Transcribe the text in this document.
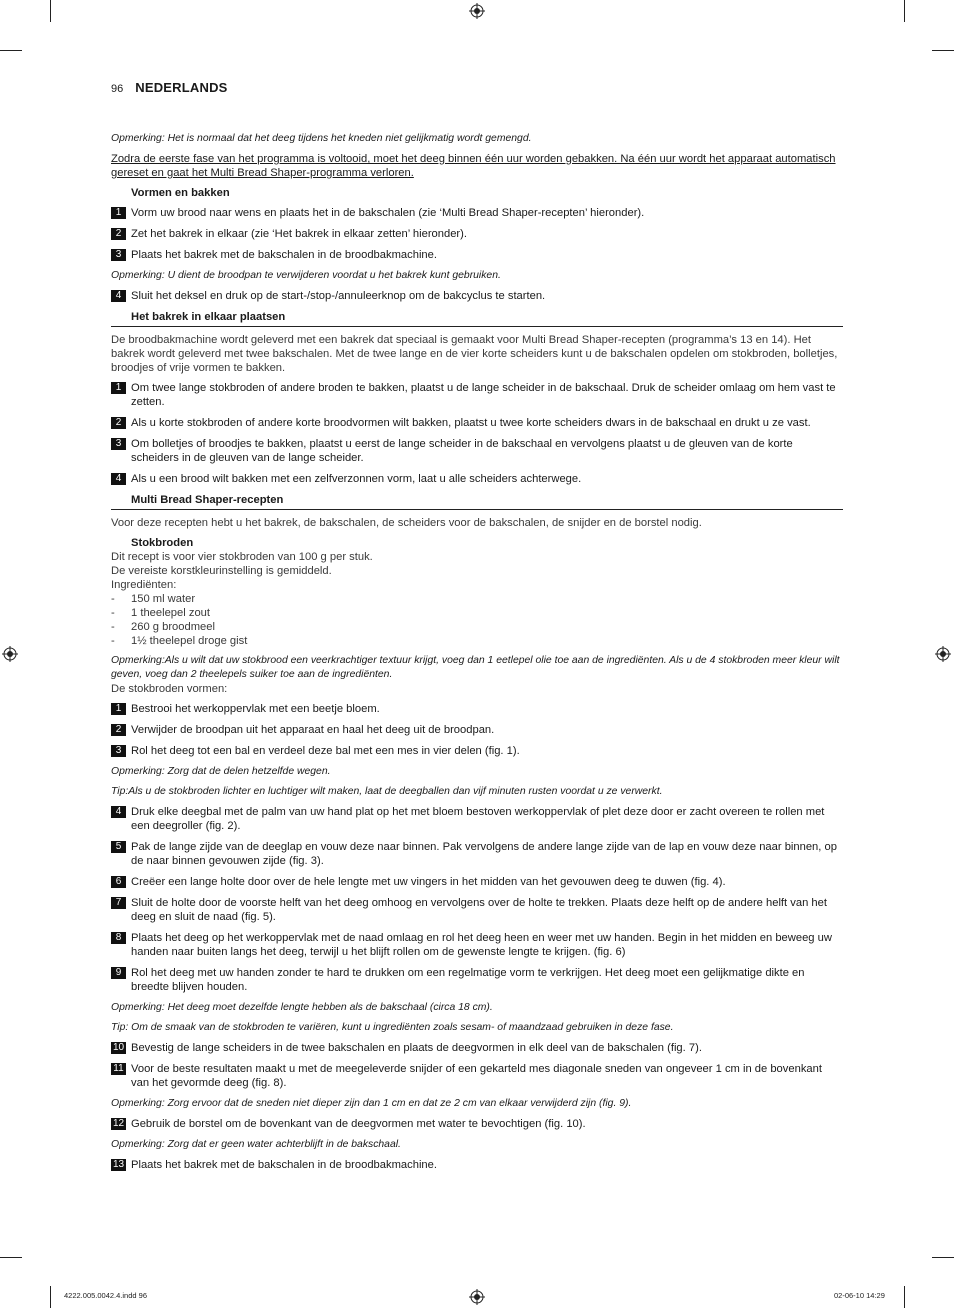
96 NEDERLANDS

Opmerking: Het is normaal dat het deeg tijdens het kneden niet gelijkmatig wordt gemengd.

Zodra de eerste fase van het programma is voltooid, moet het deeg binnen één uur worden gebakken. Na één uur wordt het apparaat automatisch gereset en gaat het Multi Bread Shaper-programma verloren.

Vormen en bakken

1 Vorm uw brood naar wens en plaats het in de bakschalen (zie ‘Multi Bread Shaper-recepten’ hieronder).
2 Zet het bakrek in elkaar (zie ‘Het bakrek in elkaar zetten’ hieronder).
3 Plaats het bakrek met de bakschalen in de broodbakmachine.

Opmerking: U dient de broodpan te verwijderen voordat u het bakrek kunt gebruiken.

4 Sluit het deksel en druk op de start-/stop-/annuleerknop om de bakcyclus te starten.

Het bakrek in elkaar plaatsen

De broodbakmachine wordt geleverd met een bakrek dat speciaal is gemaakt voor Multi Bread Shaper-recepten (programma’s 13 en 14). Het bakrek wordt geleverd met twee bakschalen. Met de twee lange en de vier korte scheiders kunt u de bakschalen opdelen om stokbroden, bolletjes, broodjes of vrije vormen te bakken.

1 Om twee lange stokbroden of andere broden te bakken, plaatst u de lange scheider in de bakschaal. Druk de scheider omlaag om hem vast te zetten.
2 Als u korte stokbroden of andere korte broodvormen wilt bakken, plaatst u twee korte scheiders dwars in de bakschaal en drukt u ze vast.
3 Om bolletjes of broodjes te bakken, plaatst u eerst de lange scheider in de bakschaal en vervolgens plaatst u de gleuven van de korte scheiders in de gleuven van de lange scheider.
4 Als u een brood wilt bakken met een zelfverzonnen vorm, laat u alle scheiders achterwege.

Multi Bread Shaper-recepten

Voor deze recepten hebt u het bakrek, de bakschalen, de scheiders voor de bakschalen, de snijder en de borstel nodig.

Stokbroden

Dit recept is voor vier stokbroden van 100 g per stuk.

De vereiste korstkleurinstelling is gemiddeld.

Ingrediënten:

-	150 ml water
-	1 theelepel zout
-	260 g broodmeel
-	1½ theelepel droge gist

Opmerking:Als u wilt dat uw stokbrood een veerkrachtiger textuur krijgt, voeg dan 1 eetlepel olie toe aan de ingrediënten. Als u de 4 stokbroden meer kleur wilt geven, voeg dan 2 theelepels suiker toe aan de ingrediënten.

De stokbroden vormen:

1 Bestrooi het werkoppervlak met een beetje bloem.
2 Verwijder de broodpan uit het apparaat en haal het deeg uit de broodpan.
3 Rol het deeg tot een bal en verdeel deze bal met een mes in vier delen (fig. 1).

Opmerking: Zorg dat de delen hetzelfde wegen.

Tip:Als u de stokbroden lichter en luchtiger wilt maken, laat de deegballen dan vijf minuten rusten voordat u ze verwerkt.

4 Druk elke deegbal met de palm van uw hand plat op het met bloem bestoven werkoppervlak of plet deze door er zacht overeen te rollen met een deegroller (fig. 2).
5 Pak de lange zijde van de deeglap en vouw deze naar binnen. Pak vervolgens de andere lange zijde van de lap en vouw deze naar binnen, op de naar binnen gevouwen zijde (fig. 3).
6 Creëer een lange holte door over de hele lengte met uw vingers in het midden van het gevouwen deeg te duwen (fig. 4).
7 Sluit de holte door de voorste helft van het deeg omhoog en vervolgens over de holte te trekken. Plaats deze helft op de andere helft van het deeg en sluit de naad (fig. 5).
8 Plaats het deeg op het werkoppervlak met de naad omlaag en rol het deeg heen en weer met uw handen. Begin in het midden en beweeg uw handen naar buiten langs het deeg, terwijl u het blijft rollen om de gewenste lengte te krijgen. (fig. 6)
9 Rol het deeg met uw handen zonder te hard te drukken om een regelmatige vorm te verkrijgen. Het deeg moet een gelijkmatige dikte en breedte blijven houden.

Opmerking: Het deeg moet dezelfde lengte hebben als de bakschaal (circa 18 cm).

Tip: Om de smaak van de stokbroden te variëren, kunt u ingrediënten zoals sesam- of maandzaad gebruiken in deze fase.

10 Bevestig de lange scheiders in de twee bakschalen en plaats de deegvormen in elk deel van de bakschalen (fig. 7).
11 Voor de beste resultaten maakt u met de meegeleverde snijder of een gekarteld mes diagonale sneden van ongeveer 1 cm in de bovenkant van het gevormde deeg (fig. 8).

Opmerking: Zorg ervoor dat de sneden niet dieper zijn dan 1 cm en dat ze 2 cm van elkaar verwijderd zijn (fig. 9).

12 Gebruik de borstel om de bovenkant van de deegvormen met water te bevochtigen (fig. 10).

Opmerking: Zorg dat er geen water achterblijft in de bakschaal.

13 Plaats het bakrek met de bakschalen in de broodbakmachine.
4222.005.0042.4.indd 96	02-06-10 14:29
